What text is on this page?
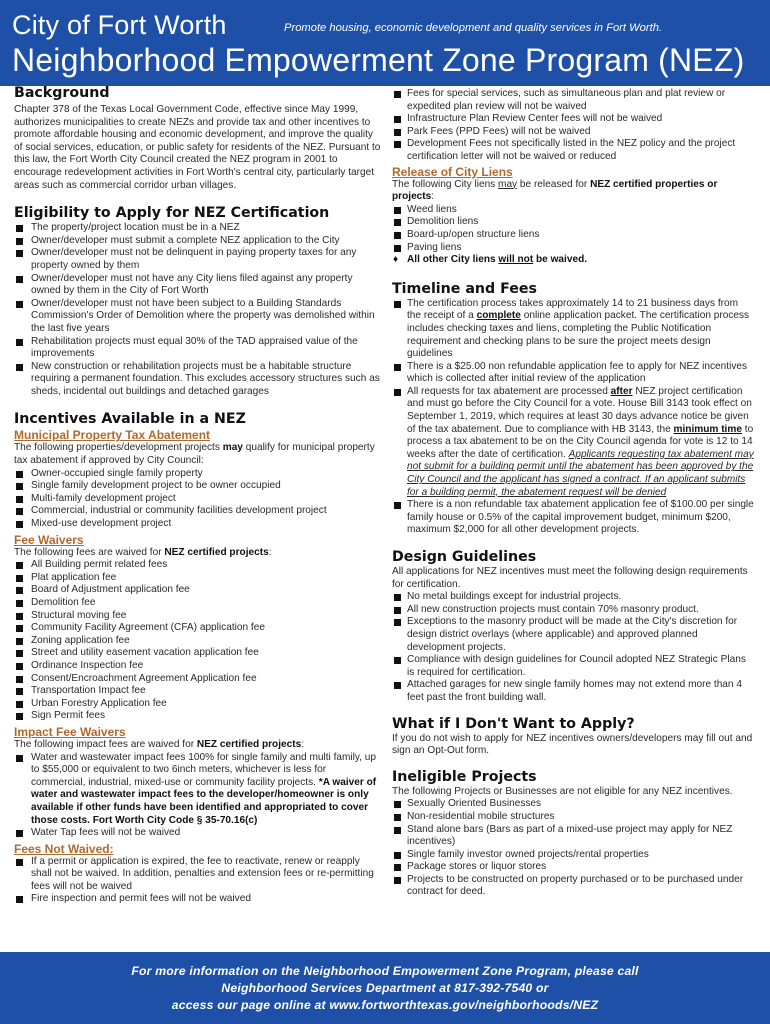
City of Fort Worth	Promote housing, economic development and quality services in Fort Worth.
Neighborhood Empowerment Zone Program (NEZ)
Background

Chapter 378 of the Texas Local Government Code, effective since May 1999, authorizes municipalities to create NEZs and provide tax and other incentives to promote affordable housing and economic development, and improve the quality of social services, education, or public safety for residents of the NEZ. Pursuant to this law, the Fort Worth City Council created the NEZ program in 2001 to encourage redevelopment activities in Fort Worth's central city, particularly target areas such as commercial corridor urban villages.

Eligibility to Apply for NEZ Certification
The property/project location must be in a NEZ
Owner/developer must submit a complete NEZ application to the City
Owner/developer must not be delinquent in paying property taxes for any property owned by them
Owner/developer must not have any City liens filed against any property owned by them in the City of Fort Worth
Owner/developer must not have been subject to a Building Standards Commission's Order of Demolition where the property was demolished within the last five years
Rehabilitation projects must equal 30% of the TAD appraised value of the improvements
New construction or rehabilitation projects must be a habitable structure requiring a permanent foundation. This excludes accessory structures such as sheds, incidental out buildings and detached garages
Incentives Available in a NEZ
Municipal Property Tax Abatement

The following properties/development projects may qualify for municipal property tax abatement if approved by City Council:

Owner-occupied single family property
Single family development project to be owner occupied
Multi-family development project
Commercial, industrial or community facilities development project
Mixed-use development project
Fee Waivers

The following fees are waived for NEZ certified projects:

All Building permit related fees
Plat application fee
Board of Adjustment application fee
Demolition fee
Structural moving fee
Community Facility Agreement (CFA) application fee
Zoning application fee
Street and utility easement vacation application fee
Ordinance Inspection fee
Consent/Encroachment Agreement Application fee
Transportation Impact fee
Urban Forestry Application fee
Sign Permit fees
Impact Fee Waivers

The following impact fees are waived for NEZ certified projects:

Water and wastewater impact fees 100% for single family and multi family, up to $55,000 or equivalent to two 6inch meters, whichever is less for commercial, industrial, mixed-use or community facility projects. *A waiver of water and wastewater impact fees to the developer/homeowner is only available if other funds have been identified and appropriated to cover those costs. Fort Worth City Code § 35-70.16(c)
Water Tap fees will not be waived
Fees Not Waived:
If a permit or application is expired, the fee to reactivate, renew or reapply shall not be waived. In addition, penalties and extension fees or re-permitting fees will not be waived
Fire inspection and permit fees will not be waived
Fees for special services, such as simultaneous plan and plat review or expedited plan review will not be waived
Infrastructure Plan Review Center fees will not be waived
Park Fees (PPD Fees) will not be waived
Development Fees not specifically listed in the NEZ policy and the project certification letter will not be waived or reduced
Release of City Liens

The following City liens may be released for NEZ certified properties or projects:

Weed liens
Demolition liens
Board-up/open structure liens
Paving liens
♦ All other City liens will not be waived.
Timeline and Fees
The certification process takes approximately 14 to 21 business days from the receipt of a complete online application packet. The certification process includes checking taxes and liens, completing the Public Notification requirement and checking plans to be sure the project meets design guidelines
There is a $25.00 non refundable application fee to apply for NEZ incentives which is collected after initial review of the application
All requests for tax abatement are processed after NEZ project certification and must go before the City Council for a vote. House Bill 3143 took effect on September 1, 2019, which requires at least 30 days advance notice be given of the tax abatement. Due to compliance with HB 3143, the minimum time to process a tax abatement to be on the City Council agenda for vote is 12 to 14 weeks after the date of certification. Applicants requesting tax abatement may not submit for a building permit until the abatement has been approved by the City Council and the applicant has signed a contract. If an applicant submits for a building permit, the abatement request will be denied
There is a non refundable tax abatement application fee of $100.00 per single family house or 0.5% of the capital improvement budget, minimum $200, maximum $2,000 for all other development projects.
Design Guidelines

All applications for NEZ incentives must meet the following design requirements for certification.

No metal buildings except for industrial projects.
All new construction projects must contain 70% masonry product.
Exceptions to the masonry product will be made at the City's discretion for design district overlays (where applicable) and approved planned development projects.
Compliance with design guidelines for Council adopted NEZ Strategic Plans is required for certification.
Attached garages for new single family homes may not extend more than 4 feet past the front building wall.
What if I Don't Want to Apply?

If you do not wish to apply for NEZ incentives owners/developers may fill out and sign an Opt-Out form.

Ineligible Projects

The following Projects or Businesses are not eligible for any NEZ incentives.

Sexually Oriented Businesses
Non-residential mobile structures
Stand alone bars (Bars as part of a mixed-use project may apply for NEZ incentives)
Single family investor owned projects/rental properties
Package stores or liquor stores
Projects to be constructed on property purchased or to be purchased under contract for deed.
For more information on the Neighborhood Empowerment Zone Program, please call
Neighborhood Services Department at 817-392-7540 or
access our page online at www.fortworthtexas.gov/neighborhoods/NEZ
